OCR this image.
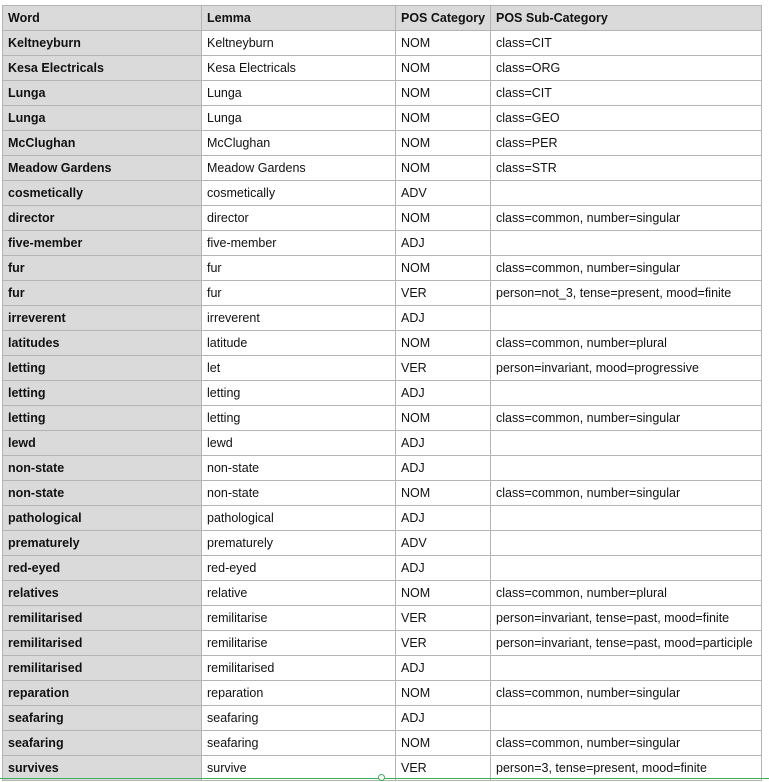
Word	Lemma	POS Category	POS Sub-Category
Keltneyburn	Keltneyburn	NOM	class=CIT
Kesa Electricals	Kesa Electricals	NOM	class=ORG
Lunga	Lunga	NOM	class=CIT
Lunga	Lunga	NOM	class=GEO
McClughan	McClughan	NOM	class=PER
Meadow Gardens	Meadow Gardens	NOM	class=STR
cosmetically	cosmetically	ADV	
director	director	NOM	class=common, number=singular
five-member	five-member	ADJ	
fur	fur	NOM	class=common, number=singular
fur	fur	VER	person=not_3, tense=present, mood=finite
irreverent	irreverent	ADJ	
latitudes	latitude	NOM	class=common, number=plural
letting	let	VER	person=invariant, mood=progressive
letting	letting	ADJ	
letting	letting	NOM	class=common, number=singular
lewd	lewd	ADJ	
non-state	non-state	ADJ	
non-state	non-state	NOM	class=common, number=singular
pathological	pathological	ADJ	
prematurely	prematurely	ADV	
red-eyed	red-eyed	ADJ	
relatives	relative	NOM	class=common, number=plural
remilitarised	remilitarise	VER	person=invariant, tense=past, mood=finite
remilitarised	remilitarise	VER	person=invariant, tense=past, mood=participle
remilitarised	remilitarised	ADJ	
reparation	reparation	NOM	class=common, number=singular
seafaring	seafaring	ADJ	
seafaring	seafaring	NOM	class=common, number=singular
survives	survive	VER	person=3, tense=present, mood=finite
